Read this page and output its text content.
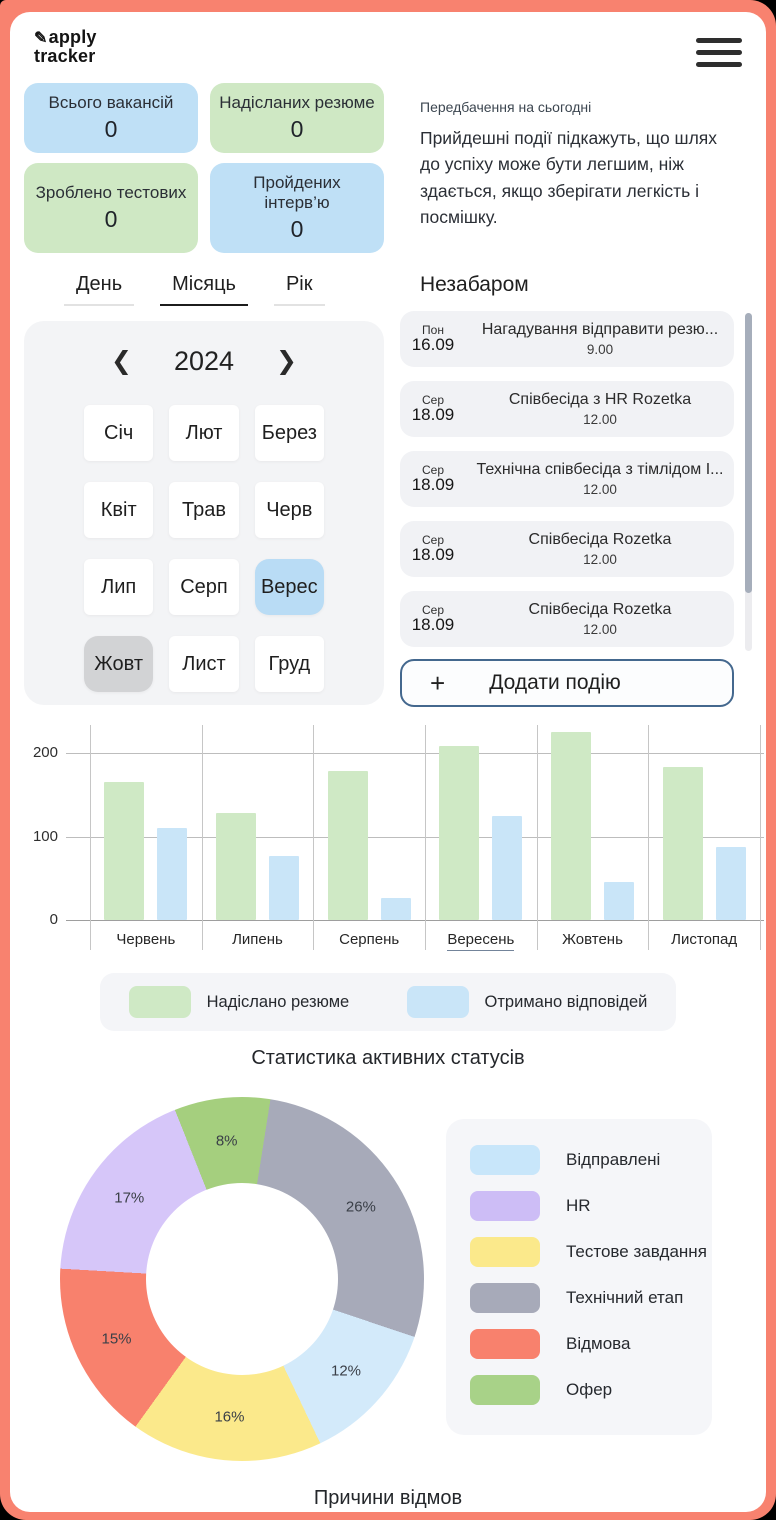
✎apply
tracker
Всього вакансій
0
Надісланих резюме
0
Зроблено тестових
0
Пройдених інтерв’ю
0
Передбачення на сьогодні
Прийдешні події підкажуть, що шлях до успіху може бути легшим, ніж здається, якщо зберігати легкість і посмішку.
День	Місяць	Рік
❮ 2024 ❯
Січ	Лют	Берез
Квіт	Трав	Черв
Лип	Серп	Верес
Жовт	Лист	Груд
Незабаром
Пон
16.09
Нагадування відправити резю...
9.00
Сер
18.09
Співбесіда з HR Rozetka
12.00
Сер
18.09
Технічна співбесіда з тімлідом І...
12.00
Сер
18.09
Співбесіда Rozetka
12.00
Сер
18.09
Співбесіда Rozetka
12.00
+ Додати подію
0
100
200
Червень	Липень	Серпень	Вересень	Жовтень	Листопад
Надіслано резюме	Отримано відповідей
Статистика активних статусів
26%
12%
16%
15%
17%
8%
Відправлені
HR
Тестове завдання
Технічний етап
Відмова
Офер
Причини відмов
